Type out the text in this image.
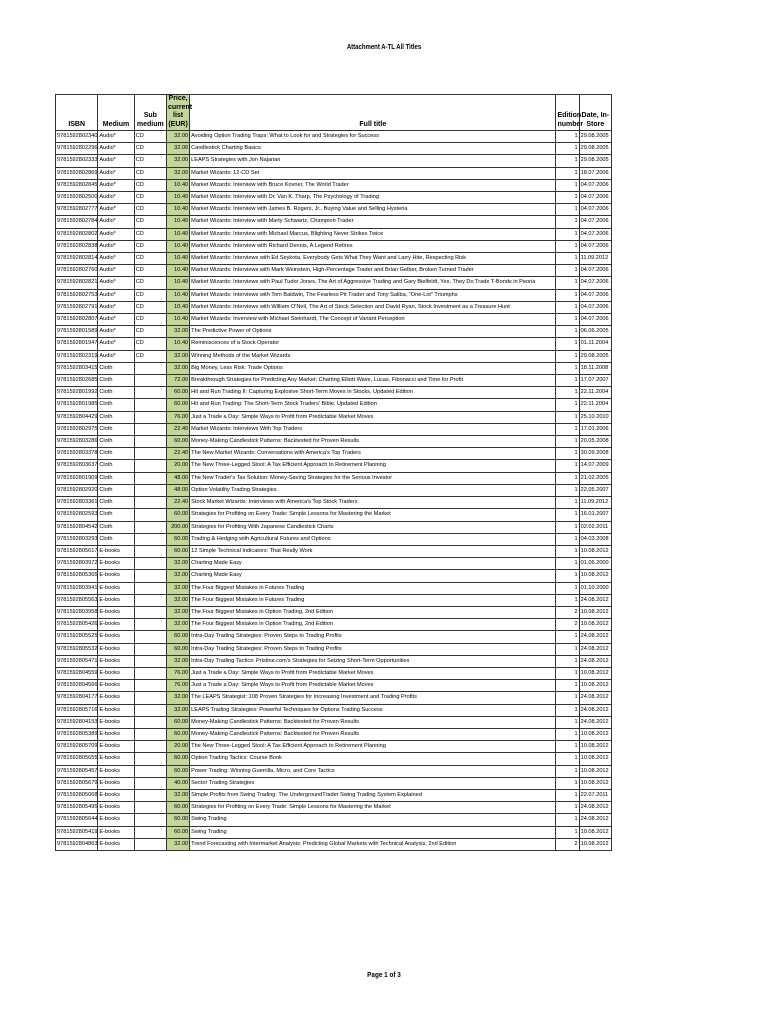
Attachment A-TL All Titles
ISBN	Medium	Sub medium	Price, current list (EUR)	Full title	Edition number	Date, In-Store
9781592802340	Audio*	CD	32.00	Avoiding Option Trading Traps: What to Look for and Strategies for Success	1	29.08.2005
9781592802296	Audio*	CD	32.00	Candlestick Charting Basics	1	29.08.2005
9781592802333	Audio*	CD	32.00	LEAPS Strategies with Jon Najarian	1	29.08.2005
9781592802869	Audio*	CD	32.00	Market Wizards: 12-CD Set	1	18.07.2006
9781592802845	Audio*	CD	10.40	Market Wizards: Interview with Bruce Kovner, The World Trader	1	04.07.2006
9781592802500	Audio*	CD	10.40	Market Wizards: Interview with Dr. Van K. Tharp, The Psychology of Trading	1	04.07.2006
9781592802777	Audio*	CD	10.40	Market Wizards: Interview with James B. Rogers, Jr., Buying Value and Selling Hysteria	1	04.07.2006
9781592802784	Audio*	CD	10.40	Market Wizards: Interview with Marty Schwartz, Champion Trader	1	04.07.2006
9781592802802	Audio*	CD	10.40	Market Wizards: Interview with Michael Marcus, Blighting Never Strikes Twice	1	04.07.2006
9781592802838	Audio*	CD	10.40	Market Wizards: Interview with Richard Dennis, A Legend Retires	1	04.07.2006
9781592802814	Audio*	CD	10.40	Market Wizards: Interviews with Ed Seykota, Everybody Gets What They Want and Larry Hite, Respecting Risk	1	11.09.2012
9781592802760	Audio*	CD	10.40	Market Wizards: Interviews with Mark Weinstein, High-Percentage Trader and Brian Gelber, Broken Turned Trader	1	04.07.2006
9781592802821	Audio*	CD	10.40	Market Wizards: Interviews with Paul Tudor Jones, The Art of Aggressive Trading and Gary Bielfeldt, Yes, They Do Trade T-Bonds in Peoria	1	04.07.2006
9781592802753	Audio*	CD	10.40	Market Wizards: Interviews with Tom Baldwin, The Fearless Pit Trader and Tony Saliba, "One-Lot" Triumphs	1	04.07.2006
9781592802791	Audio*	CD	10.40	Market Wizards: Interviews with William O'Neil, The Art of Stock Selection and David Ryan, Stock Investment as a Treasure Hunt	1	04.07.2006
9781592802807	Audio*	CD	10.40	Market Wizards: Inverview with Michael Steinhardt, The Concept of Variant Perception	1	04.07.2006
9781592801589	Audio*	CD	32.00	The Predictive Power of Options	1	06.06.2005
9781592801947	Audio*	CD	10.40	Reminiscences of a Stock Operator	1	01.11.2004
9781592802319	Audio*	CD	32.00	Winning Methods of the Market Wizards	1	29.08.2005
9781592803415	Cloth		32.00	Big Money, Less Risk: Trade Options	1	18.11.2008
9781592802685	Cloth		72.00	Breakthrough Strategies for Predicting Any Market: Charting Elliott Wave, Lucas, Fibonacci and Time for Profit	1	17.07.2007
9781592801992	Cloth		60.00	Hit and Run Trading II: Capturing Explosive Short-Term Moves in Stocks, Updated Edition	1	22.11.2004
9781592801985	Cloth		60.00	Hit and Run Trading: The Short-Term Stock Traders' Bible, Updated Edition	1	22.11.2004
9781592804429	Cloth		76.00	Just a Trade a Day: Simple Ways to Profit from Predictable Market Moves	1	25.10.2010
9781592802975	Cloth		22.40	Market Wizards: Interviews With Top Traders	1	17.01.2006
9781592803286	Cloth		60.00	Money-Making Candlestick Patterns: Backtested for Proven Results	1	20.05.2008
9781592803378	Cloth		22.40	The New Market Wizards: Conversations with America's Top Traders	1	30.09.2008
9781592803637	Cloth		20.00	The New Three-Legged Stool: A Tax Efficient Approach to Retirement Planning	1	14.07.2009
9781592801909	Cloth		48.00	The New Trader's Tax Solution: Money-Saving Strategies for the Serious Investor	1	21.02.2005
9781592802920	Cloth		48.00	Option Volatility Trading Strategies	1	22.05.2007
9781592803361	Cloth		22.40	Stock Market Wizards: Interviews with America's Top Stock Traders	1	11.09.2012
9781592802593	Cloth		60.00	Strategies for Profiting on Every Trade: Simple Lessons for Mastering the Market	1	16.01.2007
9781592804542	Cloth		200.00	Strategies for Profiting With Japanese Candlestick Charts	1	02.02.2011
9781592803293	Cloth		60.00	Trading & Hedging with Agricultural Futures and Options	1	04.03.2008
9781592805617	E-books		60.00	12 Simple Technical Indicators: That Really Work	1	10.08.2012
9781592803972	E-books		32.00	Charting Made Easy	1	01.06.2000
9781592805365	E-books		32.00	Charting Made Easy	1	10.08.2012
9781592803941	E-books		32.00	The Four Biggest Mistakes in Futures Trading	1	01.10.2000
9781592805563	E-books		32.00	The Four Biggest Mistakes in Futures Trading	1	24.08.2012
9781592803958	E-books		32.00	The Four Biggest Mistakes in Option Trading, 2nd Edition	2	10.08.2012
9781592805426	E-books		32.00	The Four Biggest Mistakes in Option Trading, 2nd Edition	2	10.08.2012
9781592805525	E-books		60.00	Intra-Day Trading Strategies: Proven Steps to Trading Profits	1	24.08.2012
9781592805532	E-books		60.00	Intra-Day Trading Strategies: Proven Steps to Trading Profits	1	24.08.2012
9781592805471	E-books		32.00	Intra-Day Trading Tactics: Pristine.com's Strategies for Seizing Short-Term Opportunities	1	24.08.2012
9781592804559	E-books		76.00	Just a Trade a Day: Simple Ways to Profit from Predictable Market Moves	1	10.08.2012
9781592804566	E-books		76.00	Just a Trade a Day: Simple Ways to Profit from Predictable Market Moves	1	10.08.2012
9781592804177	E-books		32.00	The LEAPS Strategist: 108 Proven Strategies for Increasing Investment and Trading Profits	1	24.08.2012
9781592805716	E-books		32.00	LEAPS Trading Strategies: Powerful Techniques for Options Trading Success	1	24.08.2012
9781592804153	E-books		60.00	Money-Making Candlestick Patterns: Backtested for Proven Results	1	24.08.2012
9781592805389	E-books		60.00	Money-Making Candlestick Patterns: Backtested for Proven Results	1	10.08.2012
9781592805709	E-books		20.00	The New Three-Legged Stool: A Tax Efficient Approach to Retirement Planning	1	10.08.2012
9781592805655	E-books		60.00	Option Trading Tactics: Course Book	1	10.08.2012
9781592805457	E-books		60.00	Power Trading: Winning Guerrilla, Micro, and Core Tactics	1	10.08.2012
9781592805679	E-books		40.00	Sector Trading Strategies	1	10.08.2012
9781592805068	E-books		32.00	Simple Profits from Swing Trading: The UndergroundTrader Swing Trading System Explained	1	22.07.2011
9781592805495	E-books		60.00	Strategies for Profiting on Every Trade: Simple Lessons for Mastering the Market	1	24.08.2012
9781592805644	E-books		60.00	Swing Trading	1	24.08.2012
9781592805419	E-books		60.00	Swing Trading	1	10.08.2012
9781592804863	E-books		32.00	Trend Forecasting with Intermarket Analysis: Predicting Global Markets with Technical Analysis, 2nd Edition	2	10.08.2012
Page 1 of 3
